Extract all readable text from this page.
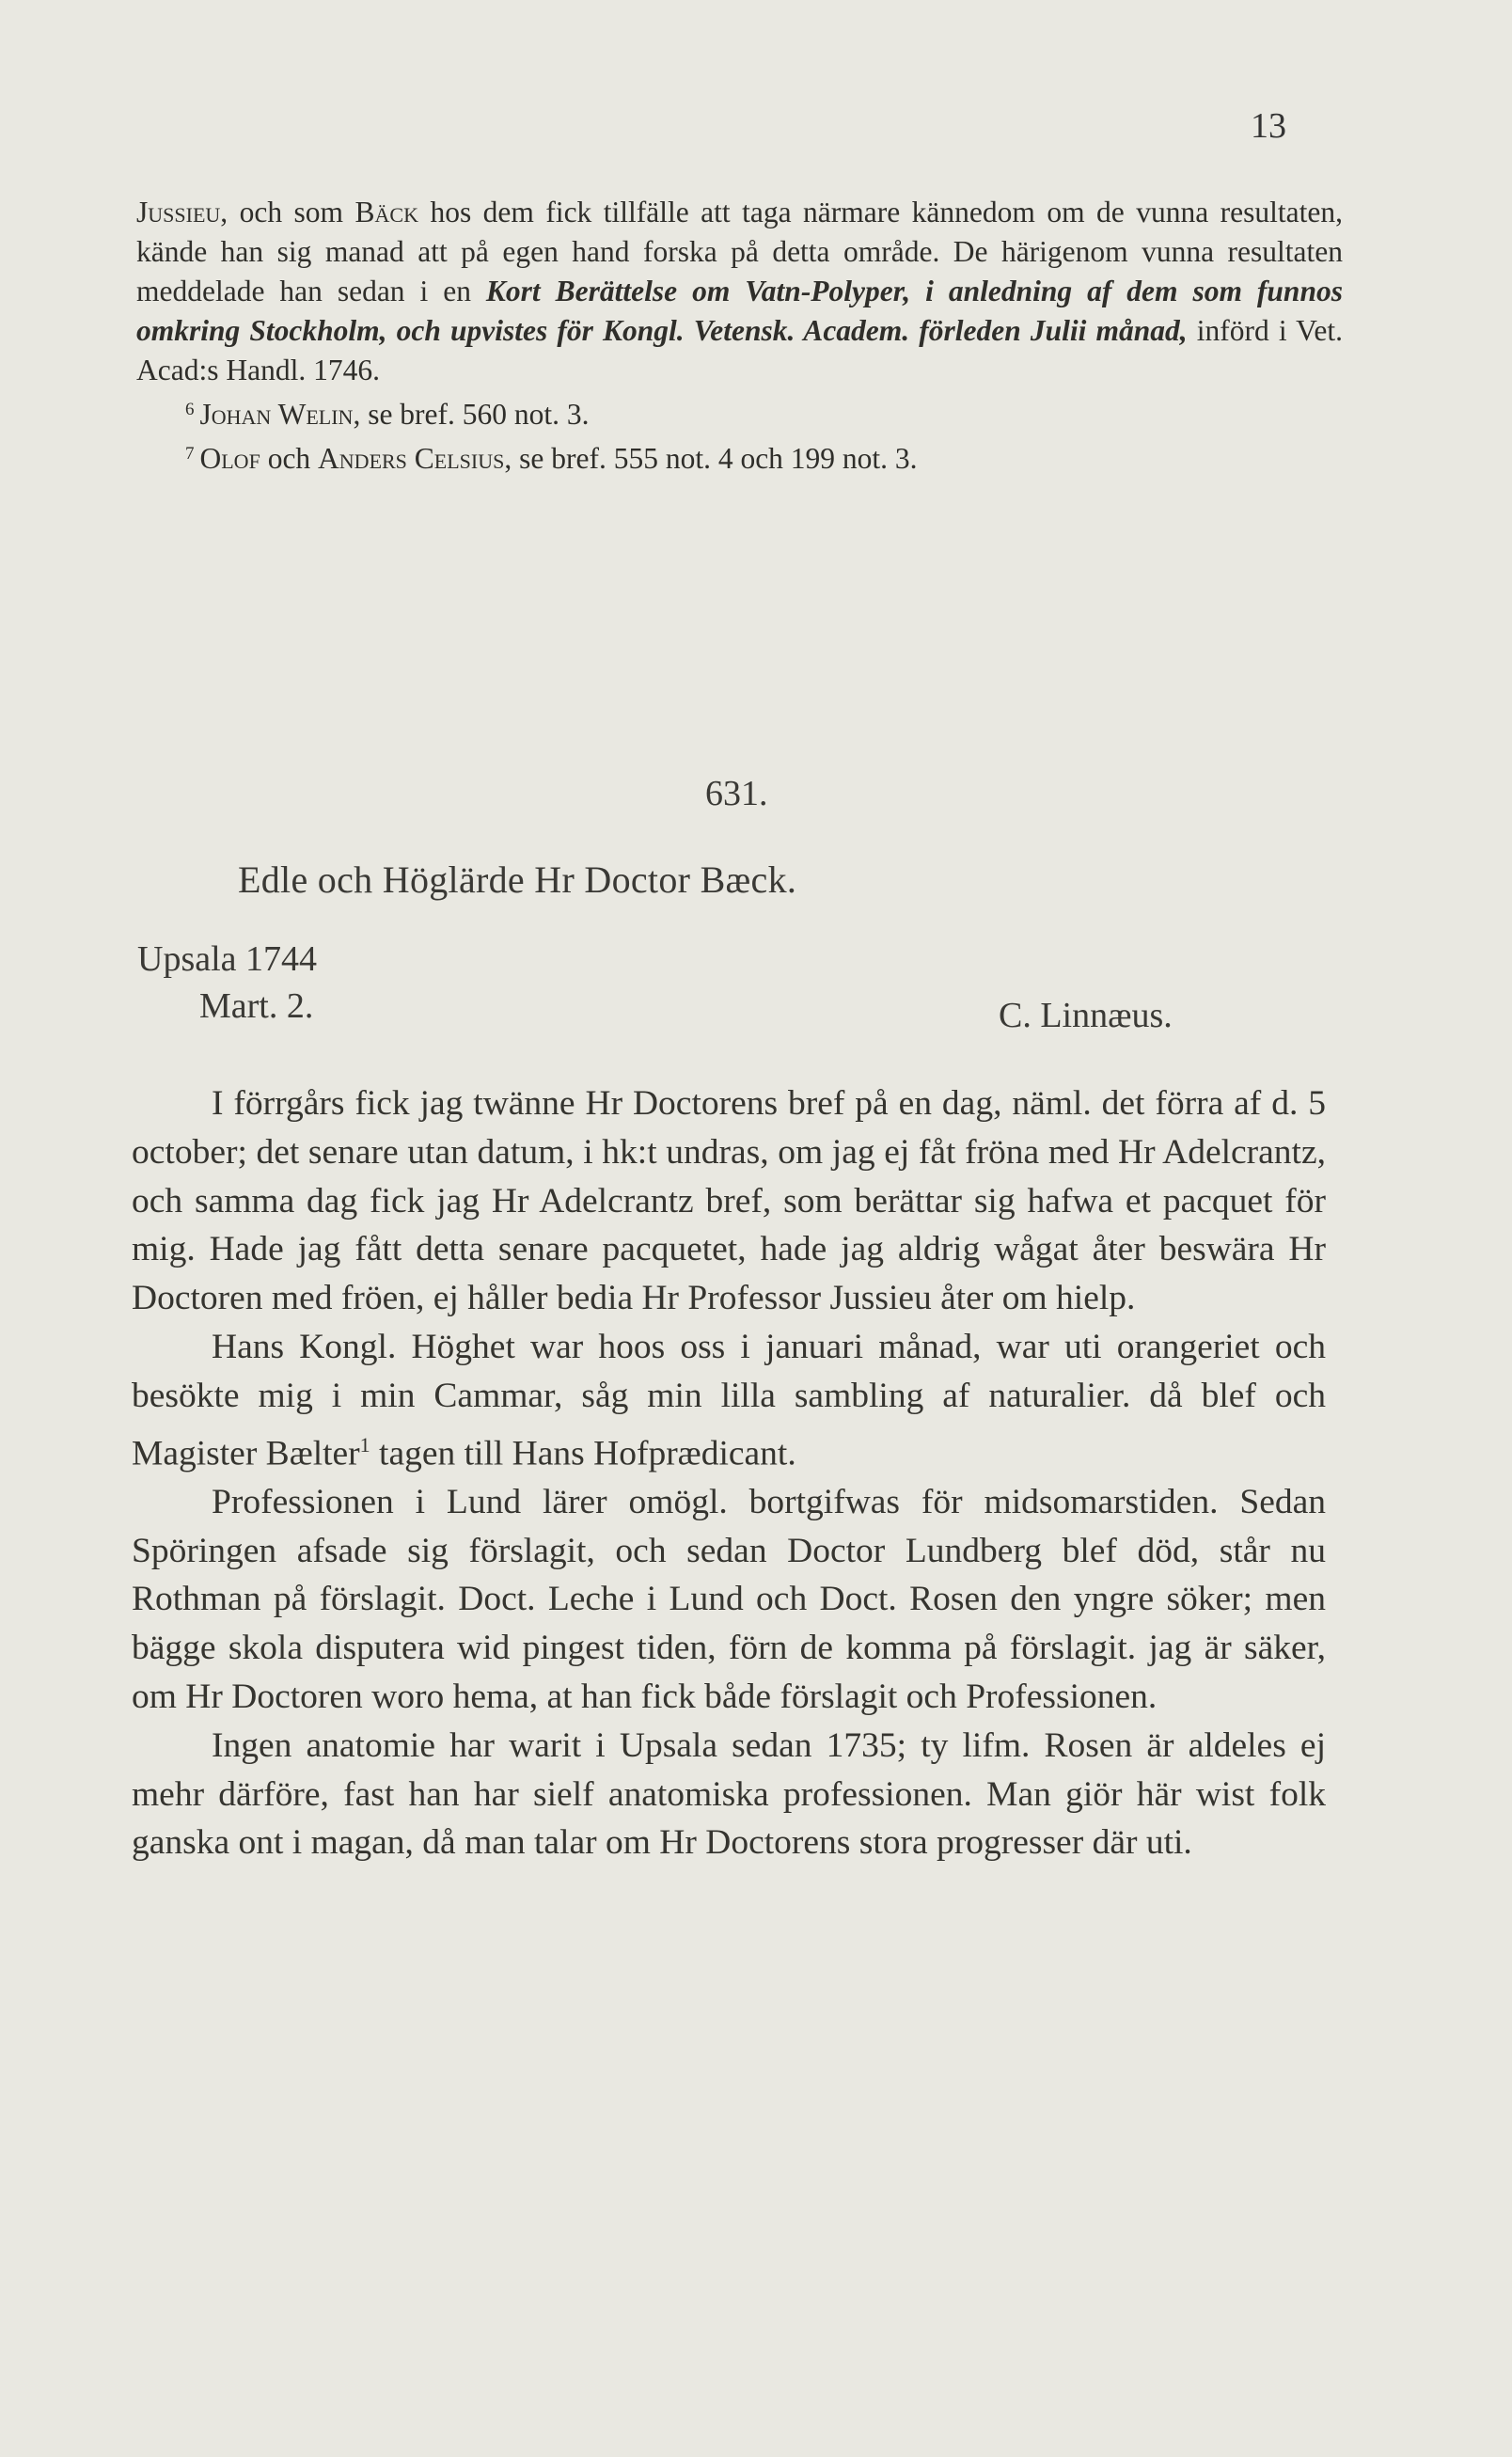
13

Jussieu, och som Bäck hos dem fick tillfälle att taga närmare kännedom om de vunna resultaten, kände han sig manad att på egen hand forska på detta område. De härigenom vunna resultaten meddelade han sedan i en Kort Berättelse om Vatn-Polyper, i anledning af dem som funnos omkring Stockholm, och upvistes för Kongl. Vetensk. Academ. förleden Julii månad, införd i Vet. Acad:s Handl. 1746.

$^6$ Johan Welin, se bref. 560 not. 3.

$^7$ Olof och Anders Celsius, se bref. 555 not. 4 och 199 not. 3.

631.
Edle och Höglärde Hr Doctor Bæck.
Upsala 1744
Mart. 2.	C. Linnæus.

I förrgårs fick jag twänne Hr Doctorens bref på en dag, näml. det förra af d. 5 october; det senare utan datum, i hk:t undras, om jag ej fåt fröna med Hr Adelcrantz, och samma dag fick jag Hr Adelcrantz bref, som berättar sig hafwa et pacquet för mig. Hade jag fått detta senare pacquetet, hade jag aldrig wågat åter beswära Hr Doctoren med fröen, ej håller bedia Hr Professor Jussieu åter om hielp.

Hans Kongl. Höghet war hoos oss i januari månad, war uti orangeriet och besökte mig i min Cammar, såg min lilla sambling af naturalier. då blef och Magister Bælter$^1$ tagen till Hans Hofprædicant.

Professionen i Lund lärer omögl. bortgifwas för midsomarstiden. Sedan Spöringen afsade sig förslagit, och sedan Doctor Lundberg blef död, står nu Rothman på förslagit. Doct. Leche i Lund och Doct. Rosen den yngre söker; men bägge skola disputera wid pingest tiden, förn de komma på förslagit. jag är säker, om Hr Doctoren woro hema, at han fick både förslagit och Professionen.

Ingen anatomie har warit i Upsala sedan 1735; ty lifm. Rosen är aldeles ej mehr därföre, fast han har sielf anatomiska professionen. Man giör här wist folk ganska ont i magan, då man talar om Hr Doctorens stora progresser där uti.
